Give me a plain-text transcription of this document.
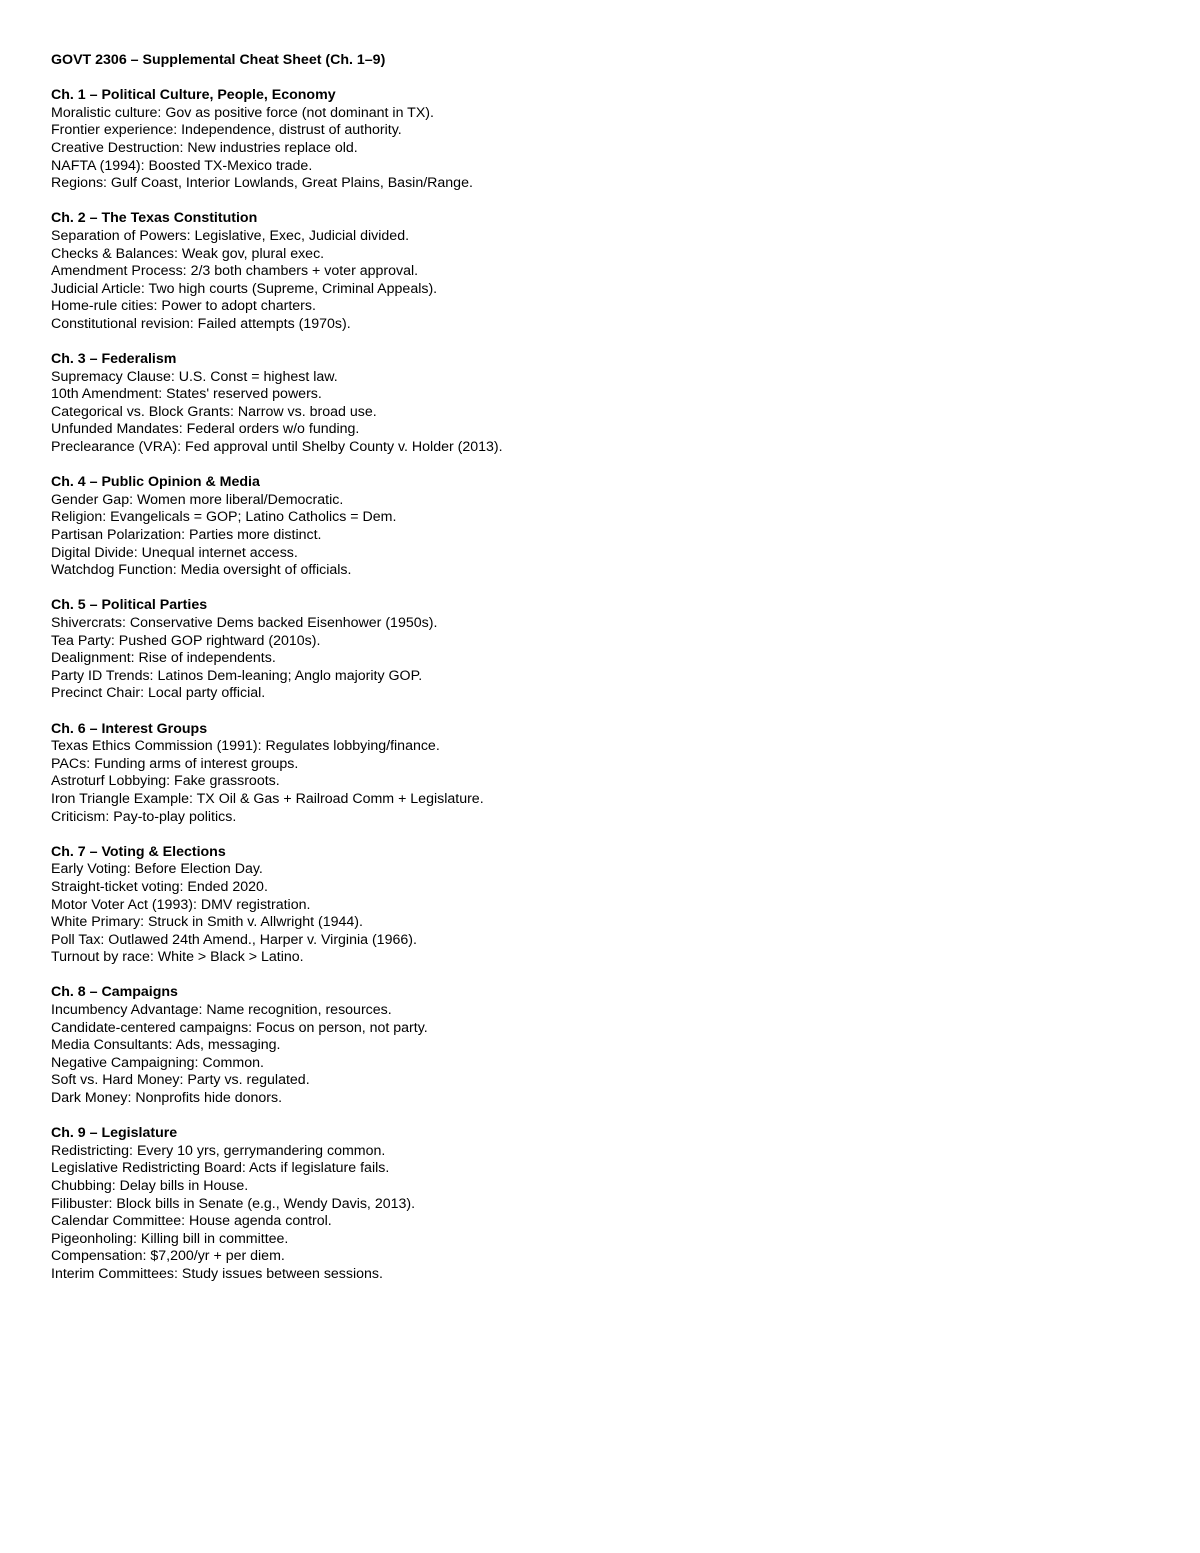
GOVT 2306 – Supplemental Cheat Sheet (Ch. 1–9)
Ch. 1 – Political Culture, People, Economy

Moralistic culture: Gov as positive force (not dominant in TX).

Frontier experience: Independence, distrust of authority.

Creative Destruction: New industries replace old.

NAFTA (1994): Boosted TX-Mexico trade.

Regions: Gulf Coast, Interior Lowlands, Great Plains, Basin/Range.

Ch. 2 – The Texas Constitution

Separation of Powers: Legislative, Exec, Judicial divided.

Checks & Balances: Weak gov, plural exec.

Amendment Process: 2/3 both chambers + voter approval.

Judicial Article: Two high courts (Supreme, Criminal Appeals).

Home-rule cities: Power to adopt charters.

Constitutional revision: Failed attempts (1970s).

Ch. 3 – Federalism

Supremacy Clause: U.S. Const = highest law.

10th Amendment: States' reserved powers.

Categorical vs. Block Grants: Narrow vs. broad use.

Unfunded Mandates: Federal orders w/o funding.

Preclearance (VRA): Fed approval until Shelby County v. Holder (2013).

Ch. 4 – Public Opinion & Media

Gender Gap: Women more liberal/Democratic.

Religion: Evangelicals = GOP; Latino Catholics = Dem.

Partisan Polarization: Parties more distinct.

Digital Divide: Unequal internet access.

Watchdog Function: Media oversight of officials.

Ch. 5 – Political Parties

Shivercrats: Conservative Dems backed Eisenhower (1950s).

Tea Party: Pushed GOP rightward (2010s).

Dealignment: Rise of independents.

Party ID Trends: Latinos Dem-leaning; Anglo majority GOP.

Precinct Chair: Local party official.

Ch. 6 – Interest Groups

Texas Ethics Commission (1991): Regulates lobbying/finance.

PACs: Funding arms of interest groups.

Astroturf Lobbying: Fake grassroots.

Iron Triangle Example: TX Oil & Gas + Railroad Comm + Legislature.

Criticism: Pay-to-play politics.

Ch. 7 – Voting & Elections

Early Voting: Before Election Day.

Straight-ticket voting: Ended 2020.

Motor Voter Act (1993): DMV registration.

White Primary: Struck in Smith v. Allwright (1944).

Poll Tax: Outlawed 24th Amend., Harper v. Virginia (1966).

Turnout by race: White > Black > Latino.

Ch. 8 – Campaigns

Incumbency Advantage: Name recognition, resources.

Candidate-centered campaigns: Focus on person, not party.

Media Consultants: Ads, messaging.

Negative Campaigning: Common.

Soft vs. Hard Money: Party vs. regulated.

Dark Money: Nonprofits hide donors.

Ch. 9 – Legislature

Redistricting: Every 10 yrs, gerrymandering common.

Legislative Redistricting Board: Acts if legislature fails.

Chubbing: Delay bills in House.

Filibuster: Block bills in Senate (e.g., Wendy Davis, 2013).

Calendar Committee: House agenda control.

Pigeonholing: Killing bill in committee.

Compensation: $7,200/yr + per diem.

Interim Committees: Study issues between sessions.
